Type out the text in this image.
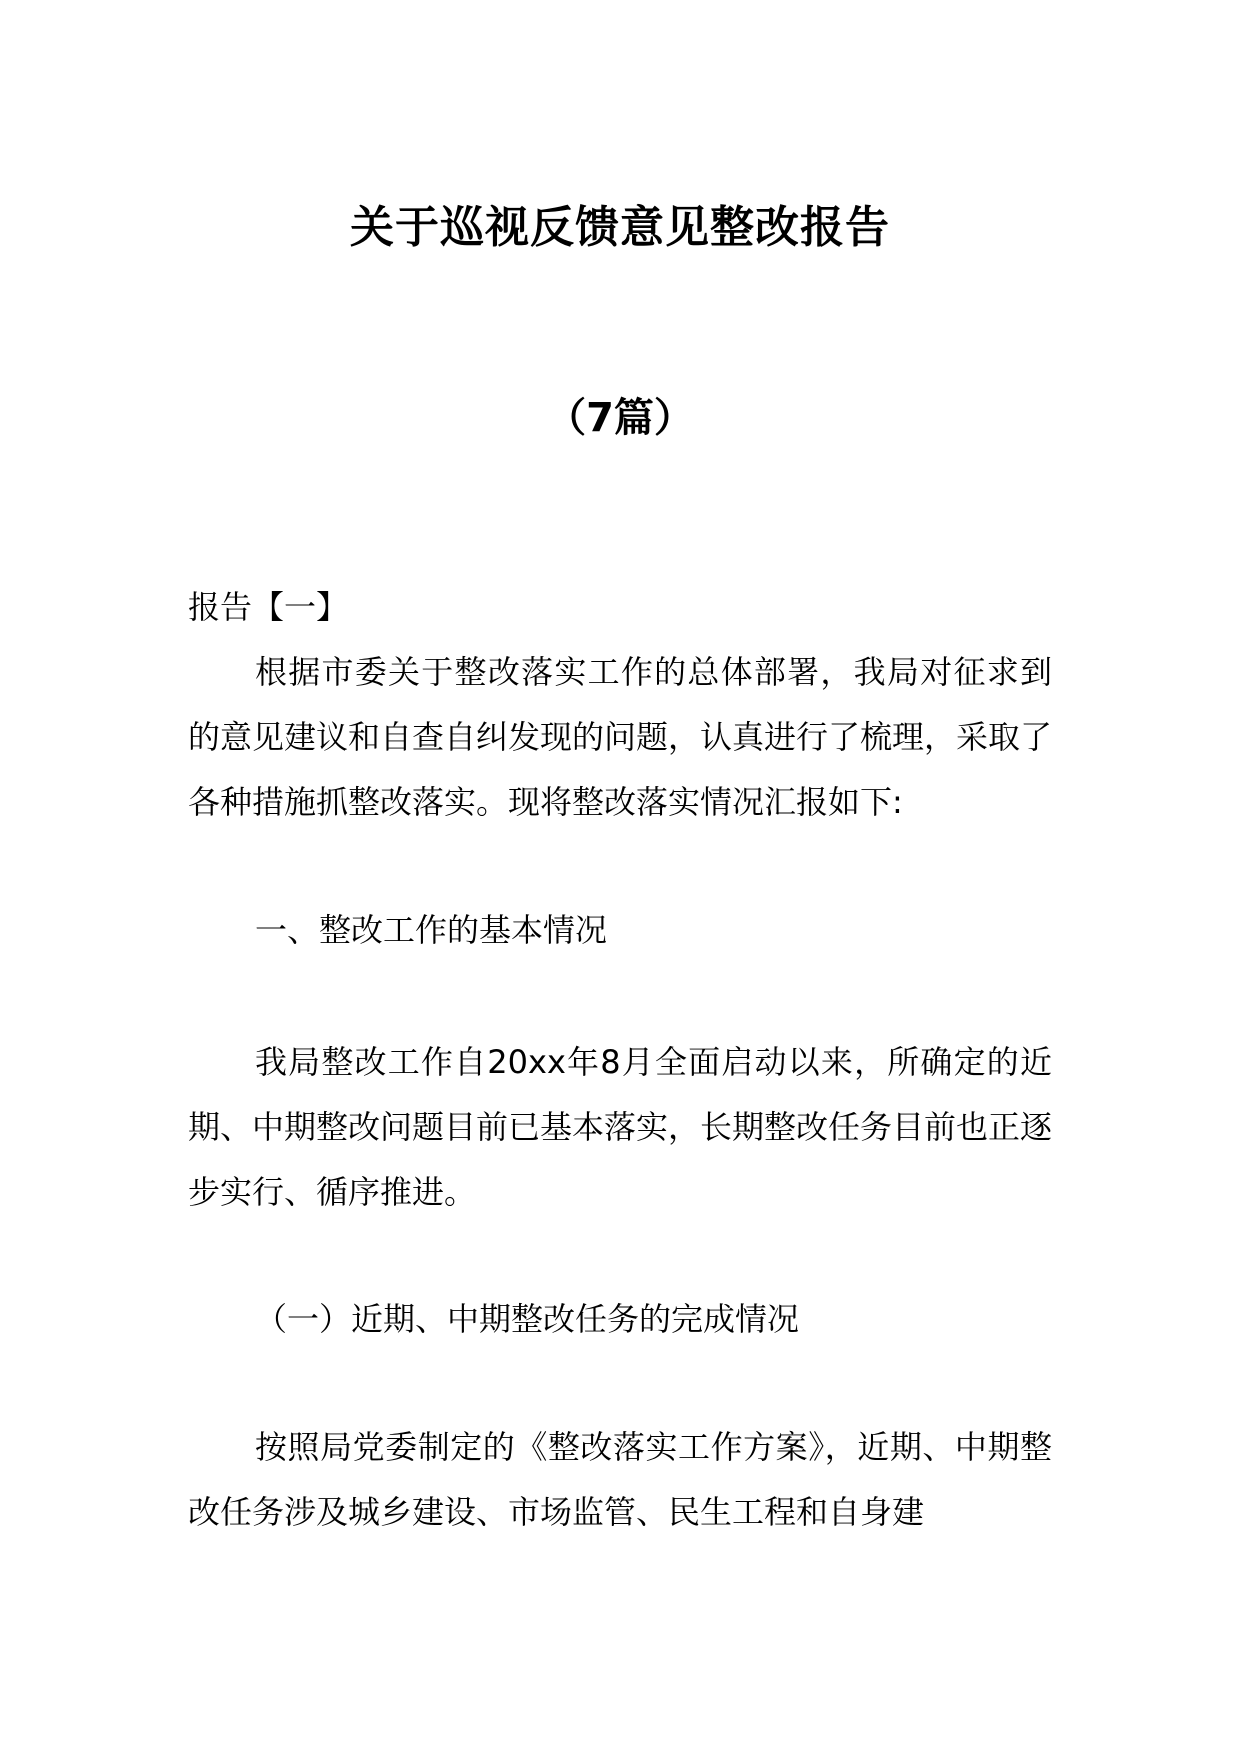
关于巡视反馈意见整改报告
（7篇）

报告【一】

根据市委关于整改落实工作的总体部署，我局对征求到的意见建议和自查自纠发现的问题，认真进行了梳理，采取了各种措施抓整改落实。现将整改落实情况汇报如下:

一、整改工作的基本情况

我局整改工作自20xx年8月全面启动以来，所确定的近期、中期整改问题目前已基本落实，长期整改任务目前也正逐步实行、循序推进。

（一）近期、中期整改任务的完成情况

按照局党委制定的《整改落实工作方案》，近期、中期整改任务涉及城乡建设、市场监管、民生工程和自身建
